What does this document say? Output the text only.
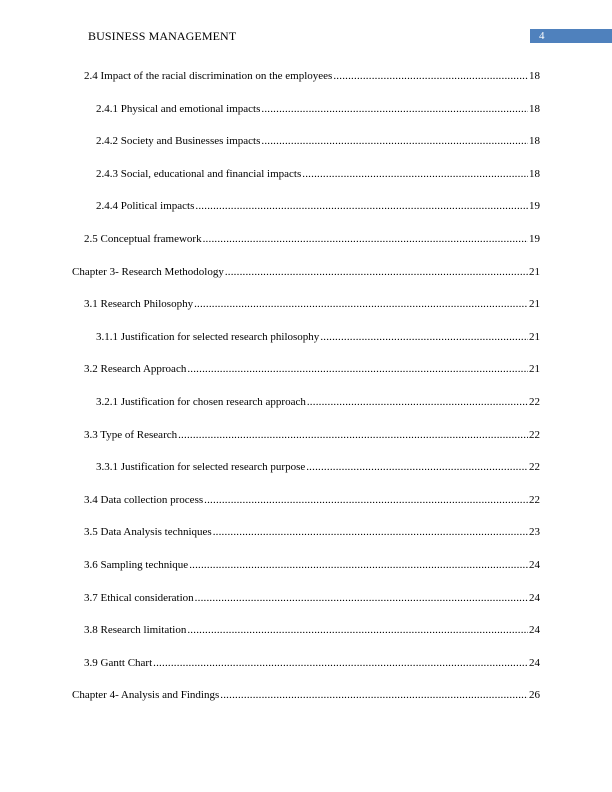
BUSINESS MANAGEMENT	4
2.4 Impact of the racial discrimination on the employees .....	18
2.4.1 Physical and emotional impacts .....	18
2.4.2 Society and Businesses impacts .....	18
2.4.3 Social, educational and financial impacts .....	18
2.4.4 Political impacts .....	19
2.5 Conceptual framework .....	19
Chapter 3- Research Methodology .....	21
3.1 Research Philosophy .....	21
3.1.1 Justification for selected research philosophy .....	21
3.2 Research Approach .....	21
3.2.1 Justification for chosen research approach .....	22
3.3 Type of Research .....	22
3.3.1 Justification for selected research purpose .....	22
3.4 Data collection process .....	22
3.5 Data Analysis techniques .....	23
3.6 Sampling technique .....	24
3.7 Ethical consideration .....	24
3.8 Research limitation .....	24
3.9 Gantt Chart .....	24
Chapter 4- Analysis and Findings .....	26
